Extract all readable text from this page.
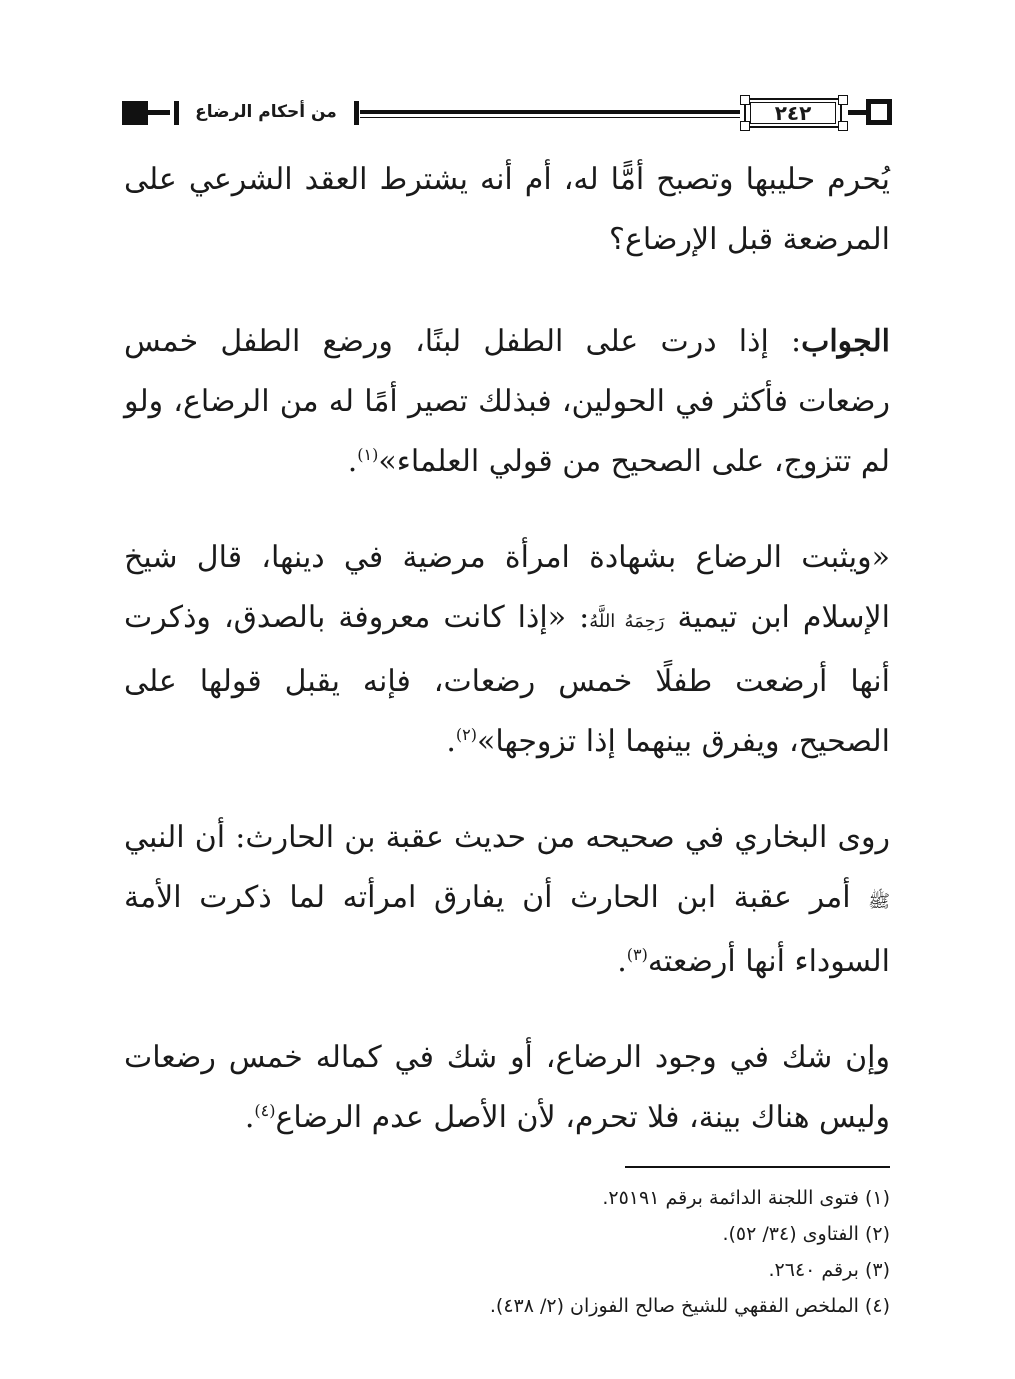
من أحكام الرضاع	٢٤٢

يُحرم حليبها وتصبح أمًّا له، أم أنه يشترط العقد الشرعي على المرضعة قبل الإرضاع؟

الجواب: إذا درت على الطفل لبنًا، ورضع الطفل خمس رضعات فأكثر في الحولين، فبذلك تصير أمًا له من الرضاع، ولو لم تتزوج، على الصحيح من قولي العلماء»$^{(١)}$.

«ويثبت الرضاع بشهادة امرأة مرضية في دينها، قال شيخ الإسلام ابن تيمية رَحِمَهُ اللَّهُ: «إذا كانت معروفة بالصدق، وذكرت أنها أرضعت طفلًا خمس رضعات، فإنه يقبل قولها على الصحيح، ويفرق بينهما إذا تزوجها»$^{(٢)}$.

روى البخاري في صحيحه من حديث عقبة بن الحارث: أن النبي ﷺ أمر عقبة ابن الحارث أن يفارق امرأته لما ذكرت الأمة السوداء أنها أرضعته$^{(٣)}$.

وإن شك في وجود الرضاع، أو شك في كماله خمس رضعات وليس هناك بينة، فلا تحرم، لأن الأصل عدم الرضاع$^{(٤)}$.

(١) فتوى اللجنة الدائمة برقم ٢٥١٩١.
(٢) الفتاوى (٣٤/ ٥٢).
(٣) برقم ٢٦٤٠.
(٤) الملخص الفقهي للشيخ صالح الفوزان (٢/ ٤٣٨).
